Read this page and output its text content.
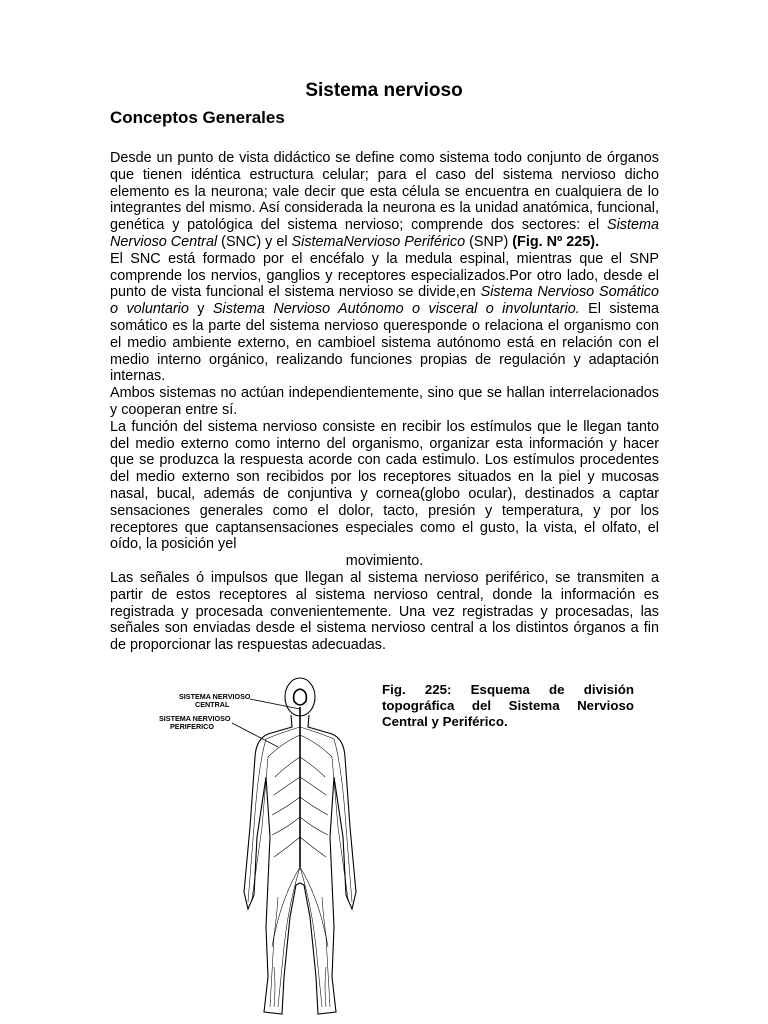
Sistema nervioso
Conceptos Generales

Desde un punto de vista didáctico se define como sistema todo conjunto de órganos que tienen idéntica estructura celular; para el caso del sistema nervioso dicho elemento es la neurona; vale decir que esta célula se encuentra en cualquiera de lo integrantes del mismo. Así considerada la neurona es la unidad anatómica, funcional, genética y patológica del sistema nervioso; comprende dos sectores: el Sistema Nervioso Central (SNC) y el SistemaNervioso Periférico (SNP) (Fig. Nº 225).

El SNC está formado por el encéfalo y la medula espinal, mientras que el SNP comprende los nervios, ganglios y receptores especializados.Por otro lado, desde el punto de vista funcional el sistema nervioso se divide,en Sistema Nervioso Somático o voluntario y Sistema Nervioso Autónomo o visceral o involuntario. El sistema somático es la parte del sistema nervioso queresponde o relaciona el organismo con el medio ambiente externo, en cambioel sistema autónomo está en relación con el medio interno orgánico, realizando funciones propias de regulación y adaptación internas.

Ambos sistemas no actúan independientemente, sino que se hallan interrelacionados y cooperan entre sí.

La función del sistema nervioso consiste en recibir los estímulos que le llegan tanto del medio externo como interno del organismo, organizar esta información y hacer que se produzca la respuesta acorde con cada estimulo. Los estímulos procedentes del medio externo son recibidos por los receptores situados en la piel y mucosas nasal, bucal, además de conjuntiva y cornea(globo ocular), destinados a captar sensaciones generales como el dolor, tacto, presión y temperatura, y por los receptores que captansensaciones especiales como el gusto, la vista, el olfato, el oído, la posición yel

movimiento.

Las señales ó impulsos que llegan al sistema nervioso periférico, se transmiten a partir de estos receptores al sistema nervioso central, donde la información es registrada y procesada convenientemente. Una vez registradas y procesadas, las señales son enviadas desde el sistema nervioso central a los distintos órganos a fin de proporcionar las respuestas adecuadas.

SISTEMA NERVIOSO
CENTRAL
SISTEMA NERVIOSO
PERIFERICO

Fig. 225: Esquema de división topográfica del Sistema Nervioso Central y Periférico.
